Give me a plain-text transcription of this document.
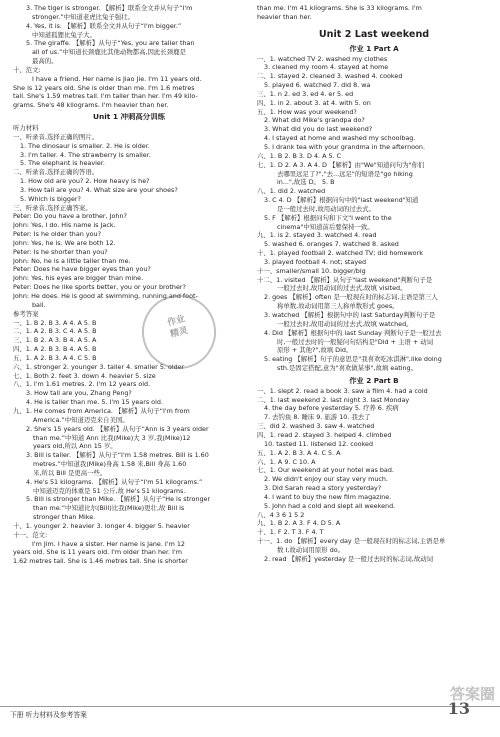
3. The tiger is stronger. 【解析】联系全文并从句子“I'm
stronger.”中知道老虎比兔子强壮。
4. Yes, it is. 【解析】联系全文并从句子“I'm bigger.”
中知道狐狸比兔子大。
5. The giraffe. 【解析】从句子“Yes, you are taller than
all of us.”中知道长颈鹿比其他动物都高,因此长颈鹿是
最高的。
十、范文:
I have a friend. Her name is Jiao Jie. I'm 11 years old.
She is 12 years old. She is older than me. I'm 1.6 metres
tall. She's 1.59 metres tall. I'm taller than her. I'm 49 kilo-
grams. She's 48 kilograms. I'm heavier than her.
Unit 1 冲刺高分训练
听力材料
一、听录音,选择正确的图片。
1. The dinosaur is smaller. 2. He is older.
3. I'm taller. 4. The strawberry is smaller.
5. The elephant is heavier.
二、听录音,选择正确的答语。
1. How old are you? 2. How heavy is he?
3. How tall are you? 4. What size are your shoes?
5. Which is bigger?
三、听录音,选择正确答案。
Peter: Do you have a brother, John?
John: Yes, I do. His name is Jack.
Peter: Is he older than you?
John: Yes, he is. We are both 12.
Peter: Is he shorter than you?
John: No, he is a little taller than me.
Peter: Does he have bigger eyes than you?
John: Yes, his eyes are bigger than mine.
Peter: Does he like sports better, you or your brother?
John: He does. He is good at swimming, running and foot-
ball.
参考答案
一、1. B 2. B 3. A 4. A 5. B
二、1. A 2. B 3. C 4. A 5. B
三、1. B 2. A 3. B 4. A 5. A
四、1. A 2. B 3. B 4. A 5. B
五、1. A 2. B 3. A 4. C 5. B
六、1. stronger 2. younger 3. taller 4. smaller 5. older
七、1. Both 2. feet 3. down 4. heavier 5. size
八、1. I'm 1.61 metres. 2. I'm 12 years old.
3. How tall are you, Zhang Peng?
4. He is taller than me. 5. I'm 15 years old.
九、1. He comes from America. 【解析】从句子“I'm from
America.”中知道迈克来自美国。
2. She's 15 years old. 【解析】从句子“Ann is 3 years older
than me.”中知道 Ann 比我(Mike)大 3 岁,我(Mike)12
years old,所以 Ann 15 岁。
3. Bill is taller. 【解析】从句子“I'm 1.58 metres. Bill is 1.60
metres.”中知道我(Mike)身高 1.58 米,Bill 身高 1.60
米,所以 Bill 是更高一些。
4. He's 51 kilograms. 【解析】从句子“I'm 51 kilograms.”
中知道迈克的体重是 51 公斤,故 He's 51 kilograms.
5. Bill is stronger than Mike. 【解析】从句子“He is stronger
than me.”中知道比尔(Bill)比我(Mike)更壮,故 Bill is
stronger than Mike.
十、1. younger 2. heavier 3. longer 4. bigger 5. heavier
十一、范文:
I'm Jim. I have a sister. Her name is Jane. I'm 12
years old. She is 11 years old. I'm older than her. I'm
1.62 metres tall. She is 1.46 metres tall. She is shorter
than me. I'm 41 kilograms. She is 33 kilograms. I'm
heavier than her.
Unit 2 Last weekend
作业 1 Part A
一、1. watched TV 2. washed my clothes
3. cleaned my room 4. stayed at home
二、1. stayed 2. cleaned 3. washed 4. cooked
5. played 6. watched 7. did 8. wa
三、1. n 2. ed 3. ed 4. er 5. ed
四、1. in 2. about 3. at 4. with 5. on
五、1. How was your weekend?
2. What did Mike's grandpa do?
3. What did you do last weekend?
4. I stayed at home and washed my schoolbag.
5. I drank tea with your grandma in the afternoon.
六、1. B 2. B 3. D 4. A 5. C
七、1. D 2. A 3. A 4. D 【解析】由"We"知道问句为"你们
去哪里远足了?","去...远足"的短语是"go hiking
in...",故选 D。 5. B
八、1. did 2. watched
3. C 4. D 【解析】根据问句中的"last weekend"知道
是一般过去时,故用动词的过去式。
5. F 【解析】根据问句和下文"I went to the
cinema"中知道前后要保持一致。
九、1. is 2. stayed 3. watched 4. read
5. washed 6. oranges 7. watched 8. asked
十、1. played football 2. watched TV; did homework
3. played football 4. not; stayed
十一、smaller/small 10. bigger/big
十二、1. visited 【解析】从句子"last weekend"判断句子是
一般过去时,故用动词的过去式,故填 visited。
2. goes 【解析】often 是一般现在时的标志词,主语是第三人
称单数,故动词用第三人称单数形式 goes。
3. watched 【解析】根据句中的 last Saturday判断句子是
一般过去时,故用动词的过去式,故填 watched。
4. Did 【解析】根据句中的 last Sunday 判断句子是一般过去
时,一般过去时的一般疑问句结构是"Did + 主语 + 动词
原形 + 其他?",故填 Did。
5. eating 【解析】句子的意思是"我喜欢吃冰淇淋",like doing
sth.是固定搭配,意为"喜欢做某事",故填 eating。
作业 2 Part B
一、1. slept 2. read a book 3. saw a film 4. had a cold
二、1. last weekend 2. last night 3. last Monday
4. the day before yesterday 5. 疗养 6. 疾病
7. 去钓鱼 8. 睡床 9. 旅游 10. 我去了
三、did 2. washed 3. saw 4. watched
四、1. read 2. stayed 3. helped 4. climbed
10. tasted 11. listened 12. cooked
五、1. A 2. B 3. A 4. C 5. A
六、1. A 9. C 10. A
七、1. Our weekend at your hotel was bad.
2. We didn't enjoy our stay very much.
3. Did Sarah read a story yesterday?
4. I want to buy the new film magazine.
5. John had a cold and slept all weekend.
八、4 3 6 1 5 2
九、1. B 2. A 3. F 4. D 5. A
十、1. F 2. T 3. F 4. T
十一、1. do 【解析】every day 是一般现在时的标志词,主语是单
数 I,故动词用原形 do。
2. read 【解析】yesterday 是一般过去时的标志词,故动词
作业
精灵
下册 听力材料及参考答案	13
答案圈
